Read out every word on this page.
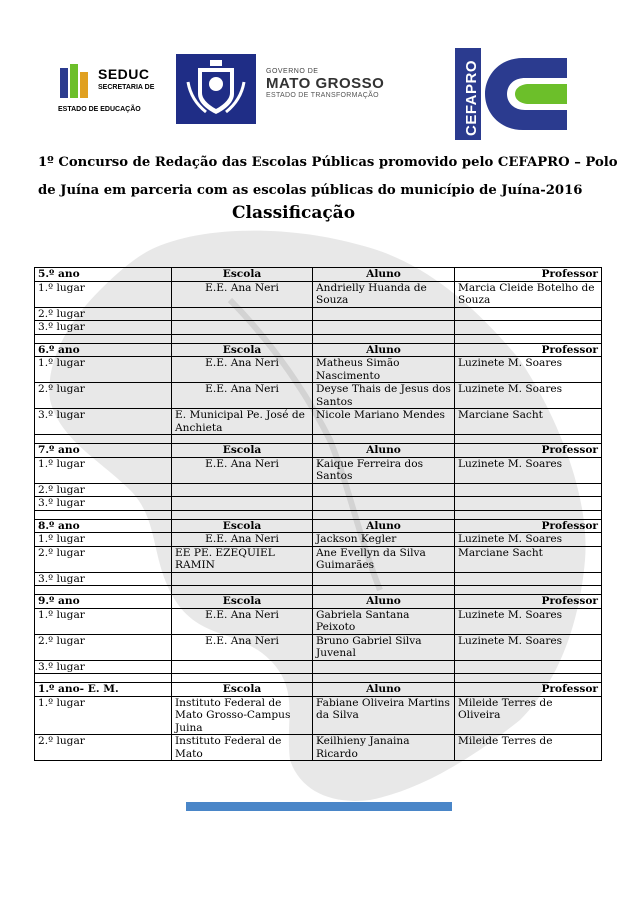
SEDUC
SECRETARIA DE
ESTADO DE EDUCAÇÃO
GOVERNO DE
MATO GROSSO
ESTADO DE TRANSFORMAÇÃO	CEFAPRO
1º Concurso de Redação das Escolas Públicas promovido pelo CEFAPRO – Polo de Juína em parceria com as escolas públicas do município de Juína-2016
Classificação
5.º ano	Escola	Aluno	Professor
1.º lugar	E.E. Ana Neri	Andrielly Huanda de Souza	Marcia Cleide Botelho de Souza
2.º lugar			
3.º lugar			

6.º ano	Escola	Aluno	Professor
1.º lugar	E.E. Ana Neri	Matheus Simão Nascimento	Luzinete M. Soares
2.º lugar	E.E. Ana Neri	Deyse Thais de Jesus dos Santos	Luzinete M. Soares
3.º lugar	E. Municipal Pe. José de Anchieta	Nicole Mariano Mendes	Marciane Sacht

7.º ano	Escola	Aluno	Professor
1.º lugar	E.E. Ana Neri	Kaique Ferreira dos Santos	Luzinete M. Soares
2.º lugar			
3.º lugar			

8.º ano	Escola	Aluno	Professor
1.º lugar	E.E. Ana Neri	Jackson Kegler	Luzinete M. Soares
2.º lugar	EE PE. EZEQUIEL RAMIN	Ane Evellyn da Silva Guimarães	Marciane Sacht
3.º lugar			

9.º ano	Escola	Aluno	Professor
1.º lugar	E.E. Ana Neri	Gabriela Santana Peixoto	Luzinete M. Soares
2.º lugar	E.E. Ana Neri	Bruno Gabriel Silva Juvenal	Luzinete M. Soares
3.º lugar			

1.º ano- E. M.	Escola	Aluno	Professor
1.º lugar	Instituto Federal de Mato Grosso-Campus Juina	Fabiane Oliveira Martins da Silva	Mileide Terres de Oliveira
2.º lugar	Instituto Federal de Mato	Keilhieny Janaina Ricardo	Mileide Terres de
